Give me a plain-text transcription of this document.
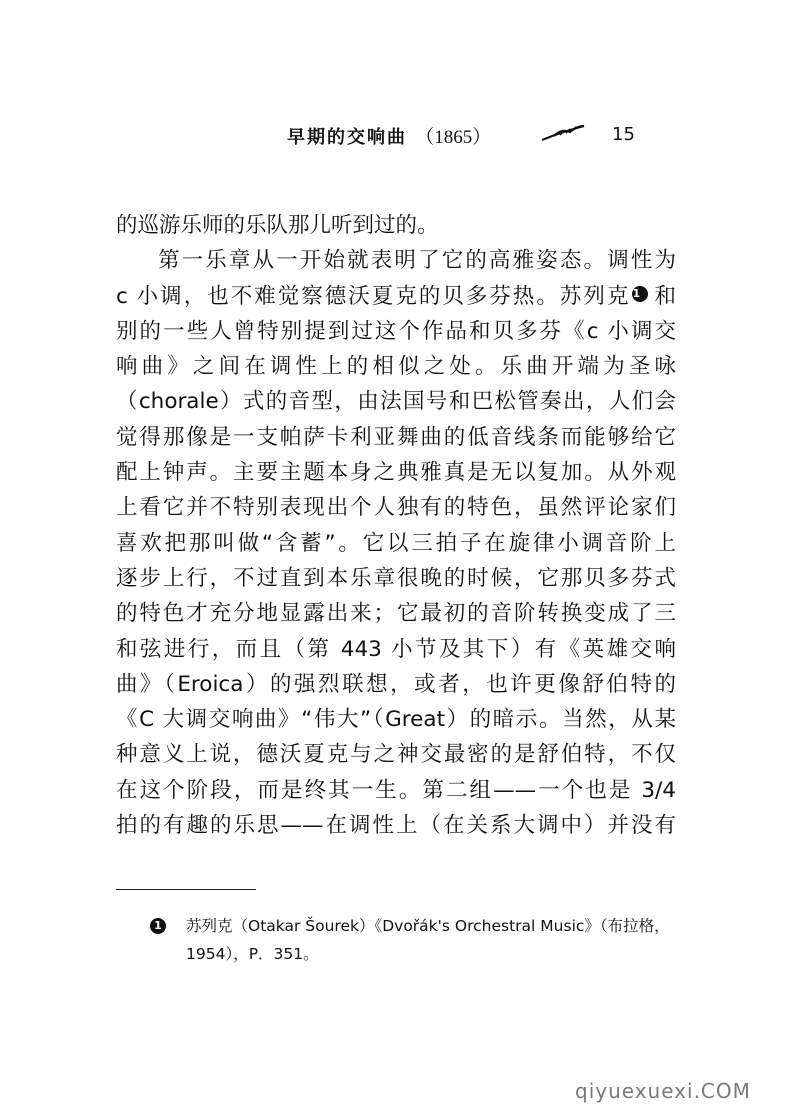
早期的交响曲 （1865）	15
的巡游乐师的乐队那儿听到过的。
第一乐章从一开始就表明了它的高雅姿态。调性为
c 小调，也不难觉察德沃夏克的贝多芬热。苏列克 1 和
别的一些人曾特别提到过这个作品和贝多芬《c 小调交
响曲》之间在调性上的相似之处。乐曲开端为圣咏
（chorale）式的音型，由法国号和巴松管奏出，人们会
觉得那像是一支帕萨卡利亚舞曲的低音线条而能够给它
配上钟声。主要主题本身之典雅真是无以复加。从外观
上看它并不特别表现出个人独有的特色，虽然评论家们
喜欢把那叫做“含蓄”。它以三拍子在旋律小调音阶上
逐步上行，不过直到本乐章很晚的时候，它那贝多芬式
的特色才充分地显露出来；它最初的音阶转换变成了三
和弦进行，而且（第 443 小节及其下）有《英雄交响
曲》（Eroica）的强烈联想，或者，也许更像舒伯特的
《C 大调交响曲》“伟大”（Great）的暗示。当然，从某
种意义上说，德沃夏克与之神交最密的是舒伯特，不仅
在这个阶段，而是终其一生。第二组——一个也是 3/4
拍的有趣的乐思——在调性上（在关系大调中）并没有
1 苏列克（Otakar Šourek）《Dvořák's Orchestral Music》（布拉格，
1954），P．351。
qiyuexuexi.COM
